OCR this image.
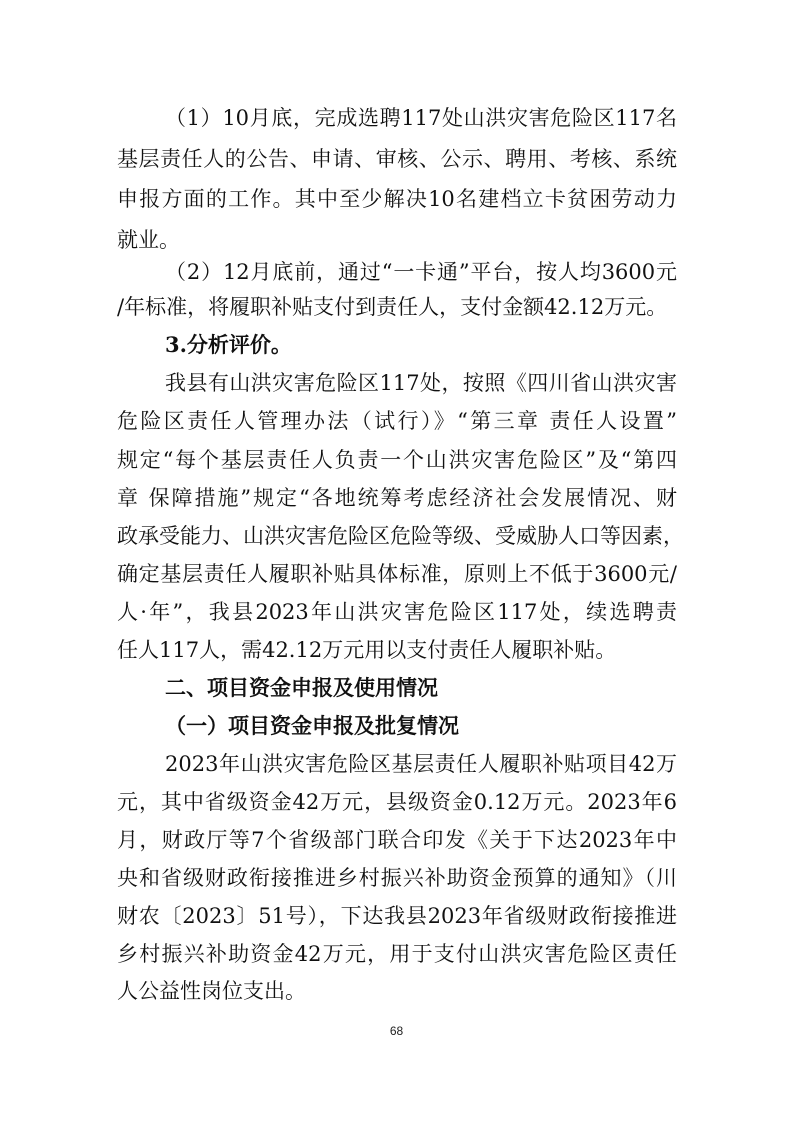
（1）10月底，完成选聘117处山洪灾害危险区117名

基层责任人的公告、申请、审核、公示、聘用、考核、系统

申报方面的工作。其中至少解决10名建档立卡贫困劳动力

就业。

（2）12月底前，通过“一卡通”平台，按人均3600元

/年标准，将履职补贴支付到责任人，支付金额42.12万元。

3.分析评价。

我县有山洪灾害危险区117处，按照《四川省山洪灾害

危险区责任人管理办法（试行）》“第三章 责任人设置”

规定“每个基层责任人负责一个山洪灾害危险区”及“第四

章 保障措施”规定“各地统筹考虑经济社会发展情况、财

政承受能力、山洪灾害危险区危险等级、受威胁人口等因素，

确定基层责任人履职补贴具体标准，原则上不低于3600元/

人·年”，我县2023年山洪灾害危险区117处，续选聘责

任人117人，需42.12万元用以支付责任人履职补贴。

二、项目资金申报及使用情况

（一）项目资金申报及批复情况

2023年山洪灾害危险区基层责任人履职补贴项目42万

元，其中省级资金42万元，县级资金0.12万元。2023年6

月，财政厅等7个省级部门联合印发《关于下达2023年中

央和省级财政衔接推进乡村振兴补助资金预算的通知》（川

财农〔2023〕51号），下达我县2023年省级财政衔接推进

乡村振兴补助资金42万元，用于支付山洪灾害危险区责任

人公益性岗位支出。

68
